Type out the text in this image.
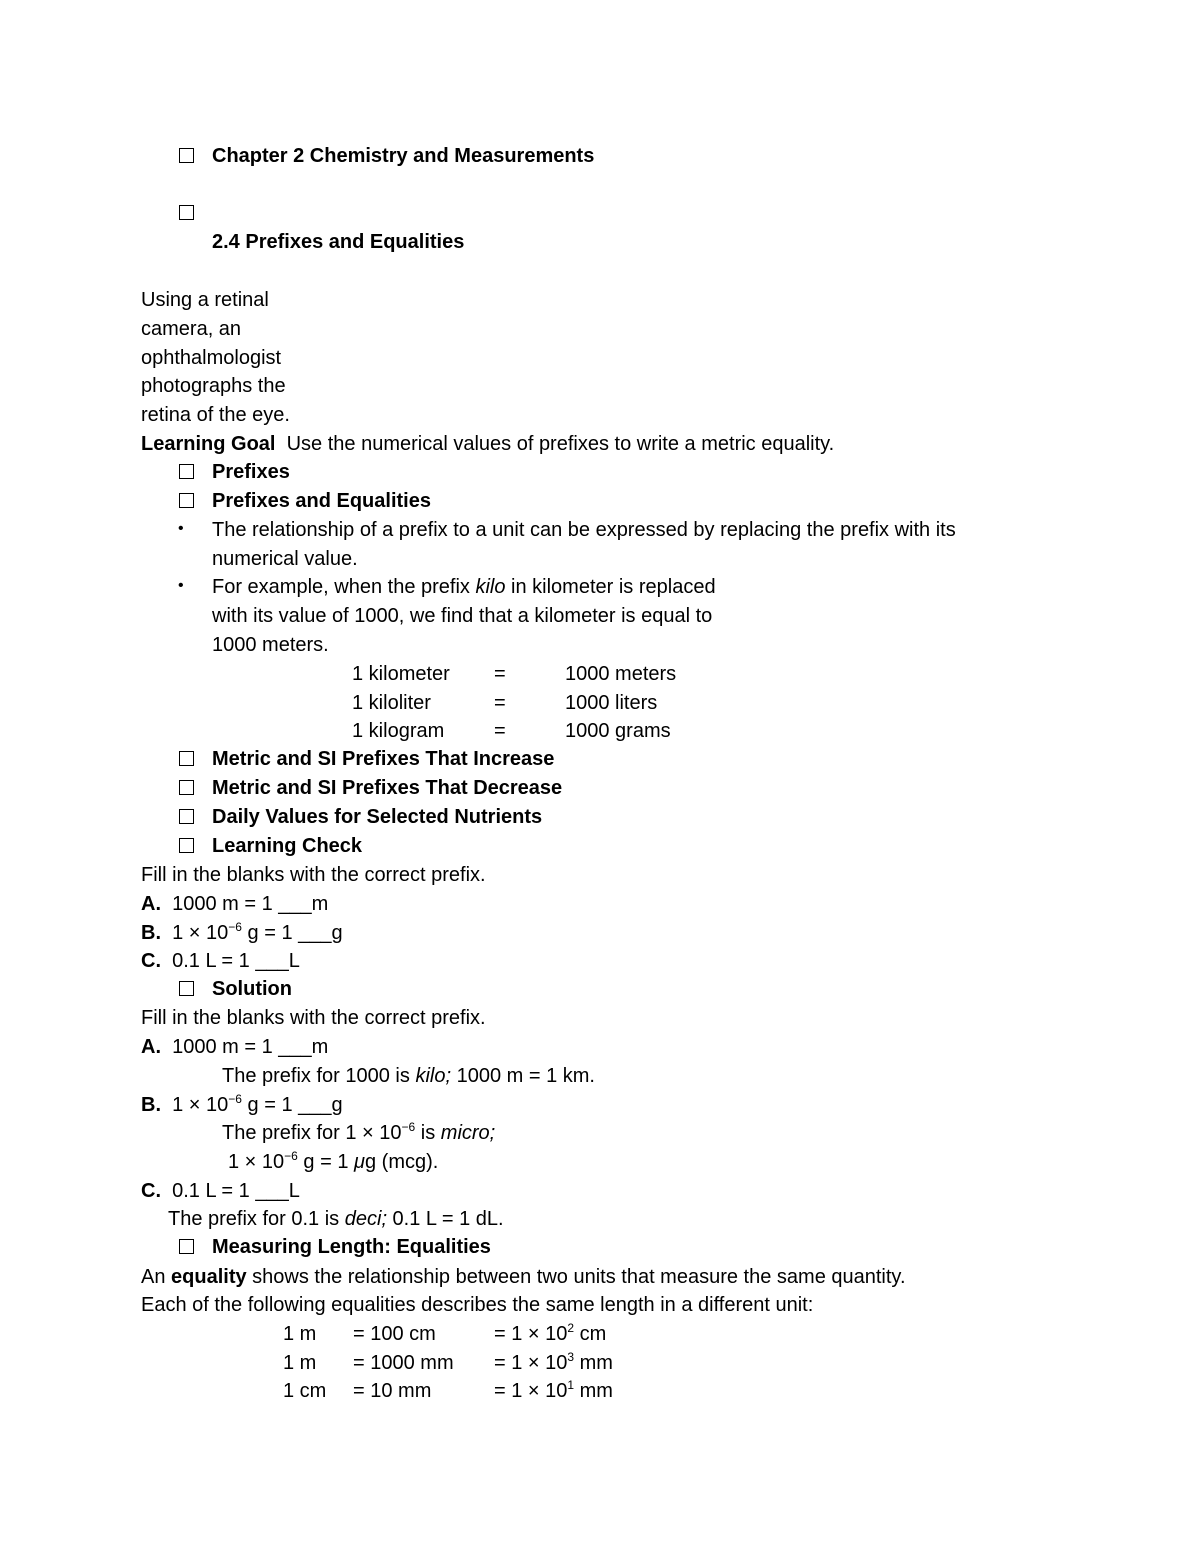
Chapter 2 Chemistry and Measurements
2.4 Prefixes and Equalities
Using a retinal
camera, an
ophthalmologist
photographs the
retina of the eye.
Learning Goal Use the numerical values of prefixes to write a metric equality.
Prefixes
Prefixes and Equalities
• The relationship of a prefix to a unit can be expressed by replacing the prefix with its
numerical value.
• For example, when the prefix kilo in kilometer is replaced
with its value of 1000, we find that a kilometer is equal to
1000 meters.
1 kilometer =	1000 meters
1 kiloliter	=	1000 liters
1 kilogram =	1000 grams
Metric and SI Prefixes That Increase
Metric and SI Prefixes That Decrease
Daily Values for Selected Nutrients
Learning Check
Fill in the blanks with the correct prefix.
A. 1000 m = 1 ___m
B. $1 \times 10^{-6}$ g = 1 ___g
C. 0.1 L = 1 ___L
Solution
Fill in the blanks with the correct prefix.
A. 1000 m = 1 ___m
The prefix for 1000 is kilo; 1000 m = 1 km.
B. $1 \times 10^{-6}$ g = 1 ___g
The prefix for $1 \times 10^{-6}$ is micro;
$1 \times 10^{-6}$ g = 1 μg (mcg).
C. 0.1 L = 1 ___L
The prefix for 0.1 is deci; 0.1 L = 1 dL.
Measuring Length: Equalities
An equality shows the relationship between two units that measure the same quantity.
Each of the following equalities describes the same length in a different unit:
1 m = 100 cm	= $1 \times 10^2$ cm
1 m = 1000 mm = $1 \times 10^3$ mm
1 cm = 10 mm	= $1 \times 10^1$ mm
